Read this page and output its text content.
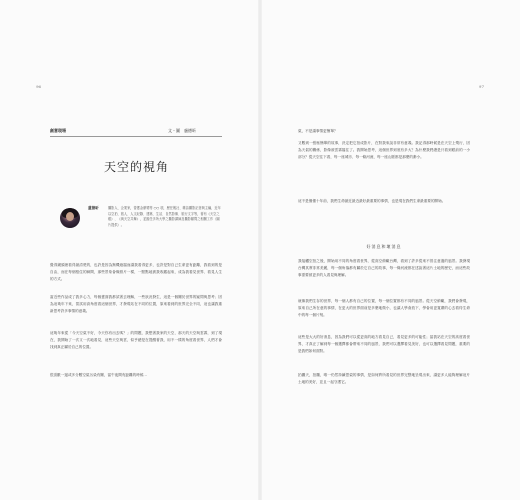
96
創意現場	文・圖　盧德昕
天空的視角
盧德昕	攝影人、企業家，曾獲金鼎獎等 ○○ 項，歷任報社、雜誌攝影記者與主編，近年以空拍、旅人、人文紀錄、建築、生活、自然影像、旅行文字等，著有《天空之眼》、《與天空共舞》，並擔任多所大學之攝影講師及攝影顧問之相關工作（圖片提供）。

覺得鏡頭裡看得最清楚的，也許是因為無機遮擋而讓我看得更多，也許是對自己生命更有距離，我看到的是自由，而在每個框住的瞬間，那些景象會像照片一樣，一點點地被我收藏起來，成為我看見世界、看見人生的方式。

當近些作品成了我多心力，每個畫面我都試著去理解，一些狀況發生，這是一個關於世界的疑問與思考；因為這幾年下來，嘗試用高角度看這個世界，才發現站在不同的位置，原來看到的世界完全不同，這也讓我重新思考許多事情的意義。

這幾年來從「今天空氣不好，今天你有出去嗎？」的問題，我想著我家的天空，那天的天空與雲霧，到了現在，我開始了一次又一次地看見，這些天空與雲，似乎總是在提醒著我，用不一樣的角度看世界，人們才會找到真正屬於自己的位置。

很喜歡一邊或多分數空氣污染有關，當午夜間有距離的時候...

97

氣，不是讓事情更簡單？

又數到一張極簡單的故事，決定把它拍成影片，在對我來說非常有意義。我記得那時候是在天空上飛行，因為天氣的關係，影像被雲霧擋住了。我開始思考，這個世界到底有多大？為什麼我們總是只看到眼前的一小部分？從天空往下看，每一座城市、每一條河流、每一座山脈都是那麼的渺小。

這不是僅僅十年前，我們生命最近最近最好最重要的事情，也是現在我們生命最重要的開始。

好消息和壞消息

我接觸空拍之後，開始用不同的角度看世界，從高空俯瞰台灣，看到了許多從來不曾注意過的風景。我發現台灣其實非常美麗，每一個角落都有屬於它自己的故事，每一條河流都在述說著這片土地的歷史，而這些故事需要被更多的人看見與理解。

就像我們生存的世界，每一個人都有自己的位置，每一個位置都有不同的風景。從天空俯瞰，我們會發現，原來自己所在意的事情，在更大的世界面前是多麼地微小，也讓人學會放下，學會用更寬廣的心去看待生命中的每一個片刻。

這些是大大的好消息，因為我們可以從更高的地方看見自己，看見更多的可能性；當我站在天空的高度看世界，才真正了解到每一個選擇都會帶來不同的風景，我們可以選擇看見美好，也可以選擇看見問題，重要的是我們如何面對。

拍攝天，拍攝，唯一仍然持續思索的事情，是如何將所看見的世界完整地呈現出來，讓更多人能夠理解這片土地的美好，並且一起守護它。
